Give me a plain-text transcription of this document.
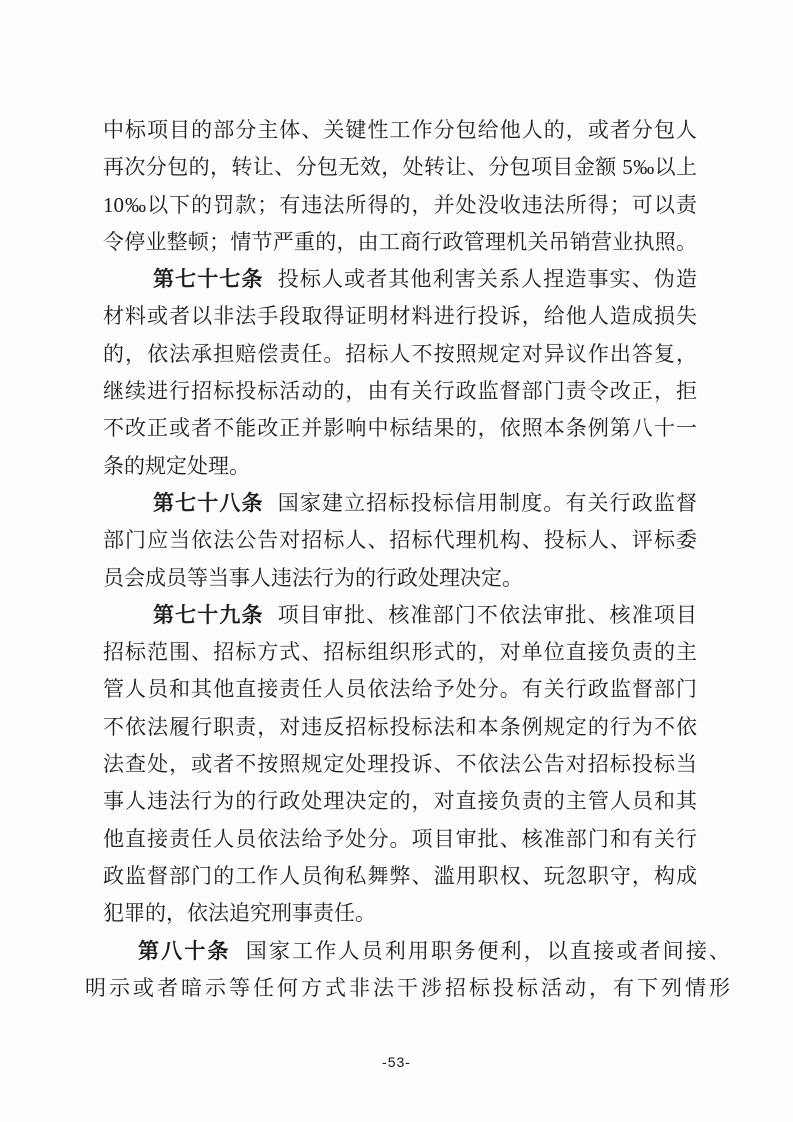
中标项目的部分主体、关键性工作分包给他人的，或者分包人
再次分包的，转让、分包无效，处转让、分包项目金额 5‰以上
10‰以下的罚款；有违法所得的，并处没收违法所得；可以责
令停业整顿；情节严重的，由工商行政管理机关吊销营业执照。
第七十七条 投标人或者其他利害关系人捏造事实、伪造
材料或者以非法手段取得证明材料进行投诉，给他人造成损失
的，依法承担赔偿责任。招标人不按照规定对异议作出答复，
继续进行招标投标活动的，由有关行政监督部门责令改正，拒
不改正或者不能改正并影响中标结果的，依照本条例第八十一
条的规定处理。
第七十八条 国家建立招标投标信用制度。有关行政监督
部门应当依法公告对招标人、招标代理机构、投标人、评标委
员会成员等当事人违法行为的行政处理决定。
第七十九条 项目审批、核准部门不依法审批、核准项目
招标范围、招标方式、招标组织形式的，对单位直接负责的主
管人员和其他直接责任人员依法给予处分。有关行政监督部门
不依法履行职责，对违反招标投标法和本条例规定的行为不依
法查处，或者不按照规定处理投诉、不依法公告对招标投标当
事人违法行为的行政处理决定的，对直接负责的主管人员和其
他直接责任人员依法给予处分。项目审批、核准部门和有关行
政监督部门的工作人员徇私舞弊、滥用职权、玩忽职守，构成
犯罪的，依法追究刑事责任。
第八十条 国家工作人员利用职务便利，以直接或者间接、
明示或者暗示等任何方式非法干涉招标投标活动，有下列情形
-53-
